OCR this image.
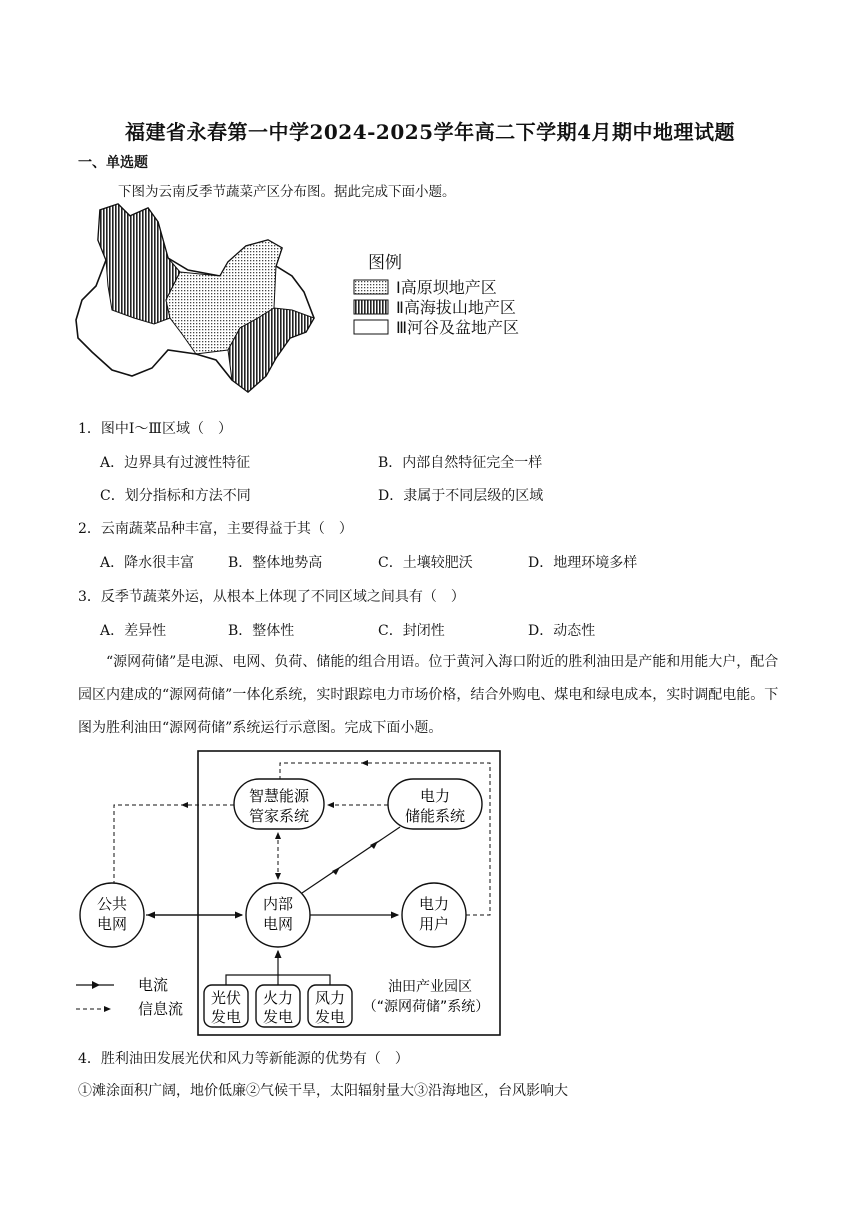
福建省永春第一中学2024-2025学年高二下学期4月期中地理试题
一、单选题
下图为云南反季节蔬菜产区分布图。据此完成下面小题。
图例
Ⅰ高原坝地产区
Ⅱ高海拔山地产区
Ⅲ河谷及盆地产区
1．图中Ⅰ～Ⅲ区域（　）
A．边界具有过渡性特征	B．内部自然特征完全一样
C．划分指标和方法不同	D．隶属于不同层级的区域
2．云南蔬菜品种丰富，主要得益于其（　）
A．降水很丰富 B．整体地势高	C．土壤较肥沃	D．地理环境多样
3．反季节蔬菜外运，从根本上体现了不同区域之间具有（　）
A．差异性	B．整体性	C．封闭性	D．动态性
“源网荷储”是电源、电网、负荷、储能的组合用语。位于黄河入海口附近的胜利油田是产能和用能大户，配合园区内建成的“源网荷储”一体化系统，实时跟踪电力市场价格，结合外购电、煤电和绿电成本，实时调配电能。下图为胜利油田“源网荷储”系统运行示意图。完成下面小题。
智慧能源
管家系统
电力
储能系统
公共
电网
内部
电网
电力
用户
光伏
发电
火力
发电
风力
发电
油田产业园区
（“源网荷储”系统）
电流
信息流
4．胜利油田发展光伏和风力等新能源的优势有（　）
①滩涂面积广阔，地价低廉②气候干旱，太阳辐射量大③沿海地区，台风影响大
